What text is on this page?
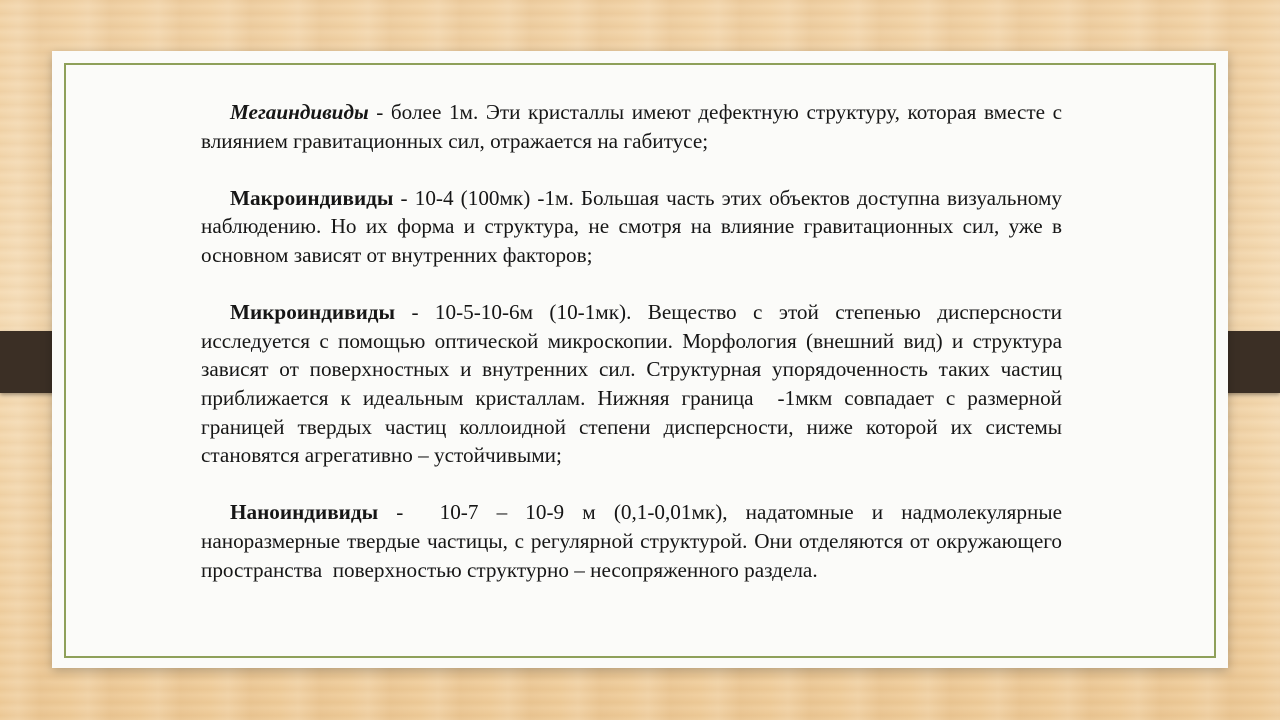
Мегаиндивиды - более 1м. Эти кристаллы имеют дефектную структуру, которая вместе с влиянием гравитационных сил, отражается на габитусе;

Макроиндивиды - 10-4 (100мк) -1м. Большая часть этих объектов доступна визуальному наблюдению. Но их форма и структура, не смотря на влияние гравитационных сил, уже в основном зависят от внутренних факторов;

Микроиндивиды - 10-5-10-6м (10-1мк). Вещество с этой степенью дисперсности исследуется с помощью оптической микроскопии. Морфология (внешний вид) и структура зависят от поверхностных и внутренних сил. Структурная упорядоченность таких частиц  приближается к идеальным кристаллам. Нижняя граница  -1мкм совпадает с размерной границей твердых частиц коллоидной степени дисперсности, ниже которой их системы становятся агрегативно – устойчивыми;

Наноиндивиды -  10-7 – 10-9 м (0,1-0,01мк), надатомные и надмолекулярные наноразмерные твердые частицы, с регулярной структурой. Они отделяются от окружающего пространства  поверхностью структурно – несопряженного раздела.
